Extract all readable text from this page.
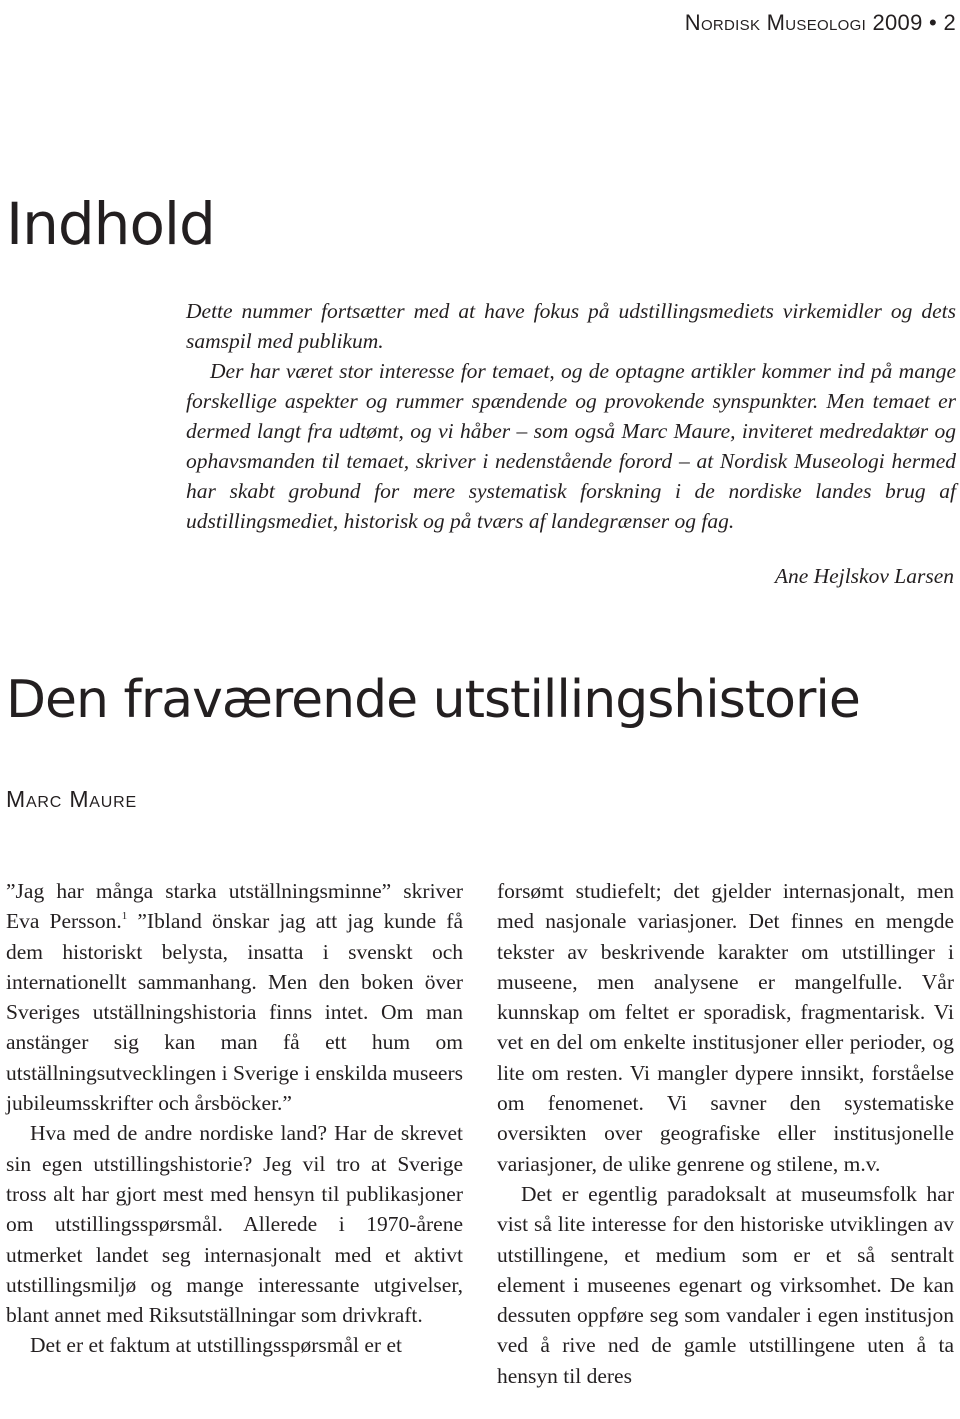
Nordisk Museologi 2009 • 2
Indhold

Dette nummer fortsætter med at have fokus på udstillingsmediets virkemidler og dets samspil med publikum.

Der har været stor interesse for temaet, og de optagne artikler kommer ind på mange forskellige aspekter og rummer spændende og provokende synspunkter. Men temaet er dermed langt fra udtømt, og vi håber – som også Marc Maure, inviteret medredaktør og ophavsmanden til temaet, skriver i nedenstående forord – at Nordisk Museologi hermed har skabt grobund for mere systematisk forskning i de nordiske landes brug af udstillingsmediet, historisk og på tværs af landegrænser og fag.

Ane Hejlskov Larsen
Den fraværende utstillingshistorie
Marc Maure

”Jag har många starka utställningsminne” skriver Eva Persson.$^1$ ”Ibland önskar jag att jag kunde få dem historiskt belysta, insatta i svenskt och internationellt sammanhang. Men den boken över Sveriges utställningshistoria finns intet. Om man anstänger sig kan man få ett hum om utställningsutvecklingen i Sverige i enskilda museers jubileumsskrifter och årsböcker.”

Hva med de andre nordiske land? Har de skrevet sin egen utstillingshistorie? Jeg vil tro at Sverige tross alt har gjort mest med hensyn til publikasjoner om utstillingsspørsmål. Allerede i 1970-årene utmerket landet seg internasjonalt med et aktivt utstillingsmiljø og mange interessante utgivelser, blant annet med Riksutställningar som drivkraft.

Det er et faktum at utstillingsspørsmål er et

forsømt studiefelt; det gjelder internasjonalt, men med nasjonale variasjoner. Det finnes en mengde tekster av beskrivende karakter om utstillinger i museene, men analysene er mangelfulle. Vår kunnskap om feltet er sporadisk, fragmentarisk. Vi vet en del om enkelte institusjoner eller perioder, og lite om resten. Vi mangler dypere innsikt, forståelse om fenomenet. Vi savner den systematiske oversikten over geografiske eller institusjonelle variasjoner, de ulike genrene og stilene, m.v.

Det er egentlig paradoksalt at museumsfolk har vist så lite interesse for den historiske utviklingen av utstillingene, et medium som er et så sentralt element i museenes egenart og virksomhet. De kan dessuten oppføre seg som vandaler i egen institusjon ved å rive ned de gamle utstillingene uten å ta hensyn til deres
